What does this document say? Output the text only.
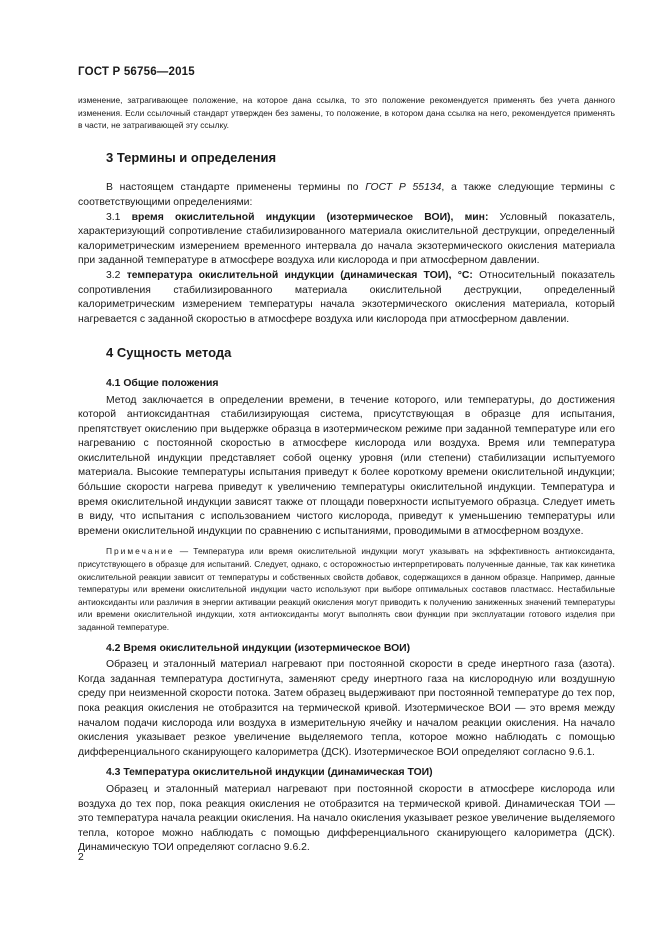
ГОСТ Р 56756—2015

изменение, затрагивающее положение, на которое дана ссылка, то это положение рекомендуется применять без учета данного изменения. Если ссылочный стандарт утвержден без замены, то положение, в котором дана ссылка на него, рекомендуется применять в части, не затрагивающей эту ссылку.

3 Термины и определения

В настоящем стандарте применены термины по ГОСТ Р 55134, а также следующие термины с соответствующими определениями:

3.1 время окислительной индукции (изотермическое ВОИ), мин: Условный показатель, характеризующий сопротивление стабилизированного материала окислительной деструкции, определенный калориметрическим измерением временного интервала до начала экзотермического окисления материала при заданной температуре в атмосфере воздуха или кислорода и при атмосферном давлении.

3.2 температура окислительной индукции (динамическая ТОИ), °С: Относительный показатель сопротивления стабилизированного материала окислительной деструкции, определенный калориметрическим измерением температуры начала экзотермического окисления материала, который нагревается с заданной скоростью в атмосфере воздуха или кислорода при атмосферном давлении.

4 Сущность метода
4.1 Общие положения

Метод заключается в определении времени, в течение которого, или температуры, до достижения которой антиоксидантная стабилизирующая система, присутствующая в образце для испытания, препятствует окислению при выдержке образца в изотермическом режиме при заданной температуре или его нагреванию с постоянной скоростью в атмосфере кислорода или воздуха. Время или температура окислительной индукции представляет собой оценку уровня (или степени) стабилизации испытуемого материала. Высокие температуры испытания приведут к более короткому времени окислительной индукции; бо́льшие скорости нагрева приведут к увеличению температуры окислительной индукции. Температура и время окислительной индукции зависят также от площади поверхности испытуемого образца. Следует иметь в виду, что испытания с использованием чистого кислорода, приведут к уменьшению температуры или времени окислительной индукции по сравнению с испытаниями, проводимыми в атмосферном воздухе.

Примечание — Температура или время окислительной индукции могут указывать на эффективность антиоксиданта, присутствующего в образце для испытаний. Следует, однако, с осторожностью интерпретировать полученные данные, так как кинетика окислительной реакции зависит от температуры и собственных свойств добавок, содержащихся в данном образце. Например, данные температуры или времени окислительной индукции часто используют при выборе оптимальных составов пластмасс. Нестабильные антиоксиданты или различия в энергии активации реакций окисления могут приводить к получению заниженных значений температуры или времени окислительной индукции, хотя антиоксиданты могут выполнять свои функции при эксплуатации готового изделия при заданной температуре.

4.2 Время окислительной индукции (изотермическое ВОИ)

Образец и эталонный материал нагревают при постоянной скорости в среде инертного газа (азота). Когда заданная температура достигнута, заменяют среду инертного газа на кислородную или воздушную среду при неизменной скорости потока. Затем образец выдерживают при постоянной температуре до тех пор, пока реакция окисления не отобразится на термической кривой. Изотермическое ВОИ — это время между началом подачи кислорода или воздуха в измерительную ячейку и началом реакции окисления. На начало окисления указывает резкое увеличение выделяемого тепла, которое можно наблюдать с помощью дифференциального сканирующего калориметра (ДСК). Изотермическое ВОИ определяют согласно 9.6.1.

4.3 Температура окислительной индукции (динамическая ТОИ)

Образец и эталонный материал нагревают при постоянной скорости в атмосфере кислорода или воздуха до тех пор, пока реакция окисления не отобразится на термической кривой. Динамическая ТОИ — это температура начала реакции окисления. На начало окисления указывает резкое увеличение выделяемого тепла, которое можно наблюдать с помощью дифференциального сканирующего калориметра (ДСК). Динамическую ТОИ определяют согласно 9.6.2.

2
